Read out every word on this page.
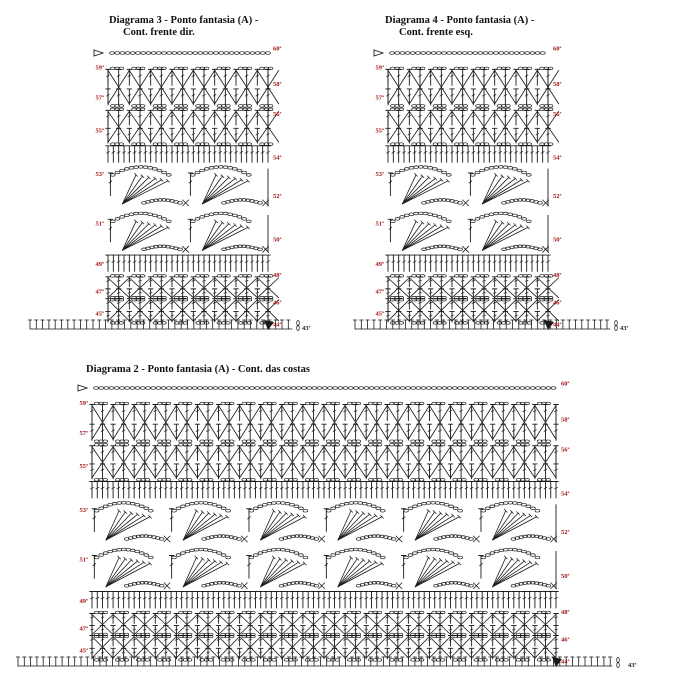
Diagrama 3 - Ponto fantasia (A) -
Cont. frente dir.
Diagrama 4 - Ponto fantasia (A) -
Cont. frente esq.
Diagrama 2 - Ponto fantasia (A) - Cont. das costas
59ª
57ª
55ª
53ª
51ª
49ª
47ª
45ª
60ª
58ª
56ª
54ª
52ª
50ª
48ª
46ª
44ª
43ª
59ª
57ª
55ª
53ª
51ª
49ª
47ª
45ª
60ª
58ª
56ª
54ª
52ª
50ª
48ª
46ª
44ª
43ª
59ª
57ª
55ª
53ª
51ª
49ª
47ª
45ª
60ª
58ª
56ª
54ª
52ª
50ª
48ª
46ª
44ª
43ª
